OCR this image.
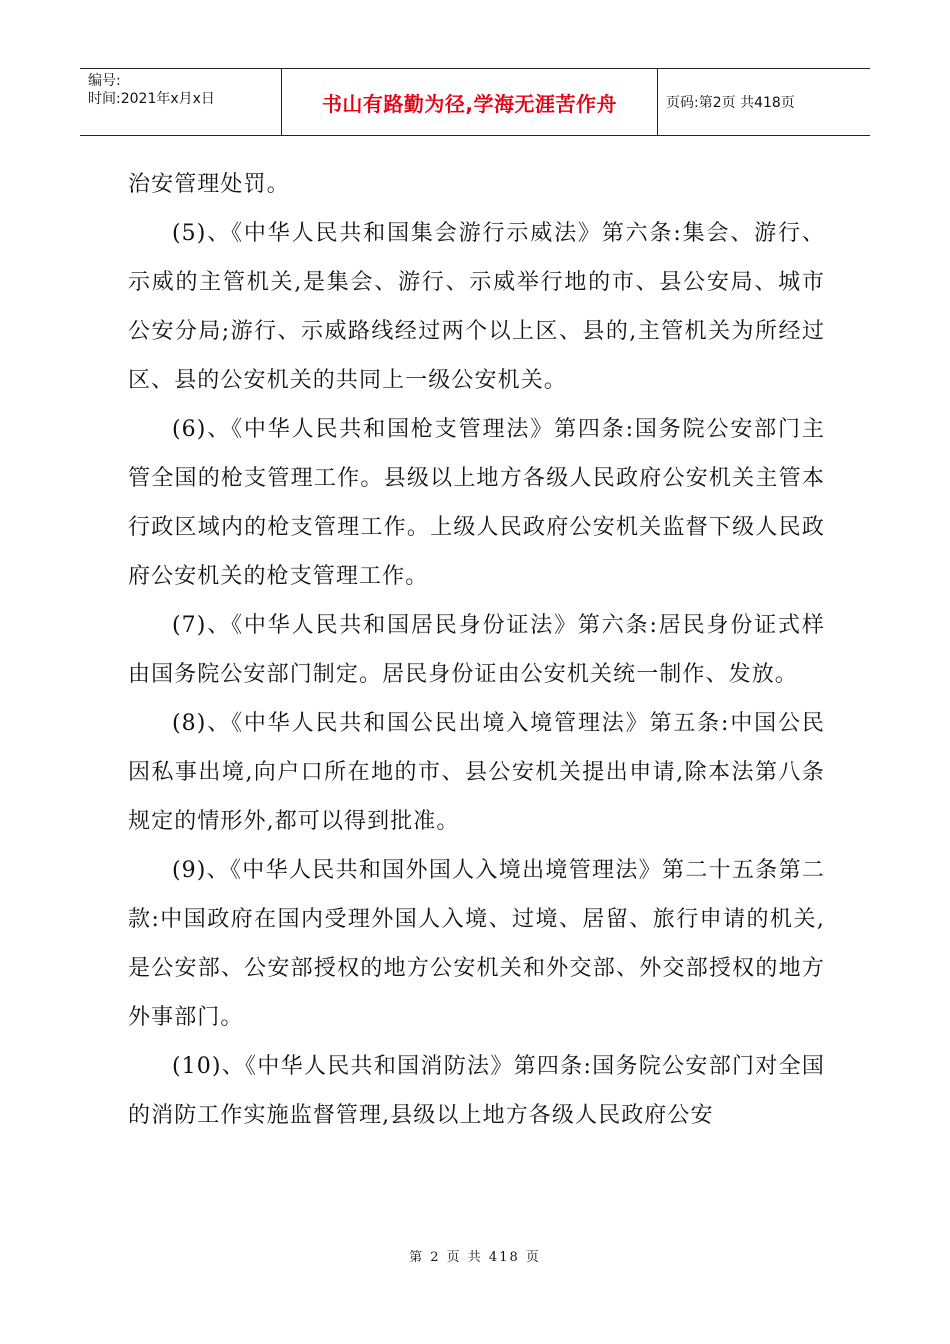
编号:
时间:2021年x月x日	书山有路勤为径,学海无涯苦作舟	页码:第2页 共418页

治安管理处罚。

(5)、《中华人民共和国集会游行示威法》第六条:集会、游行、示威的主管机关,是集会、游行、示威举行地的市、县公安局、城市公安分局;游行、示威路线经过两个以上区、县的,主管机关为所经过区、县的公安机关的共同上一级公安机关。

(6)、《中华人民共和国枪支管理法》第四条:国务院公安部门主管全国的枪支管理工作。县级以上地方各级人民政府公安机关主管本行政区域内的枪支管理工作。上级人民政府公安机关监督下级人民政府公安机关的枪支管理工作。

(7)、《中华人民共和国居民身份证法》第六条:居民身份证式样由国务院公安部门制定。居民身份证由公安机关统一制作、发放。

(8)、《中华人民共和国公民出境入境管理法》第五条:中国公民因私事出境,向户口所在地的市、县公安机关提出申请,除本法第八条规定的情形外,都可以得到批准。

(9)、《中华人民共和国外国人入境出境管理法》第二十五条第二款:中国政府在国内受理外国人入境、过境、居留、旅行申请的机关,是公安部、公安部授权的地方公安机关和外交部、外交部授权的地方外事部门。

(10)、《中华人民共和国消防法》第四条:国务院公安部门对全国的消防工作实施监督管理,县级以上地方各级人民政府公安

第 2 页 共 418 页
